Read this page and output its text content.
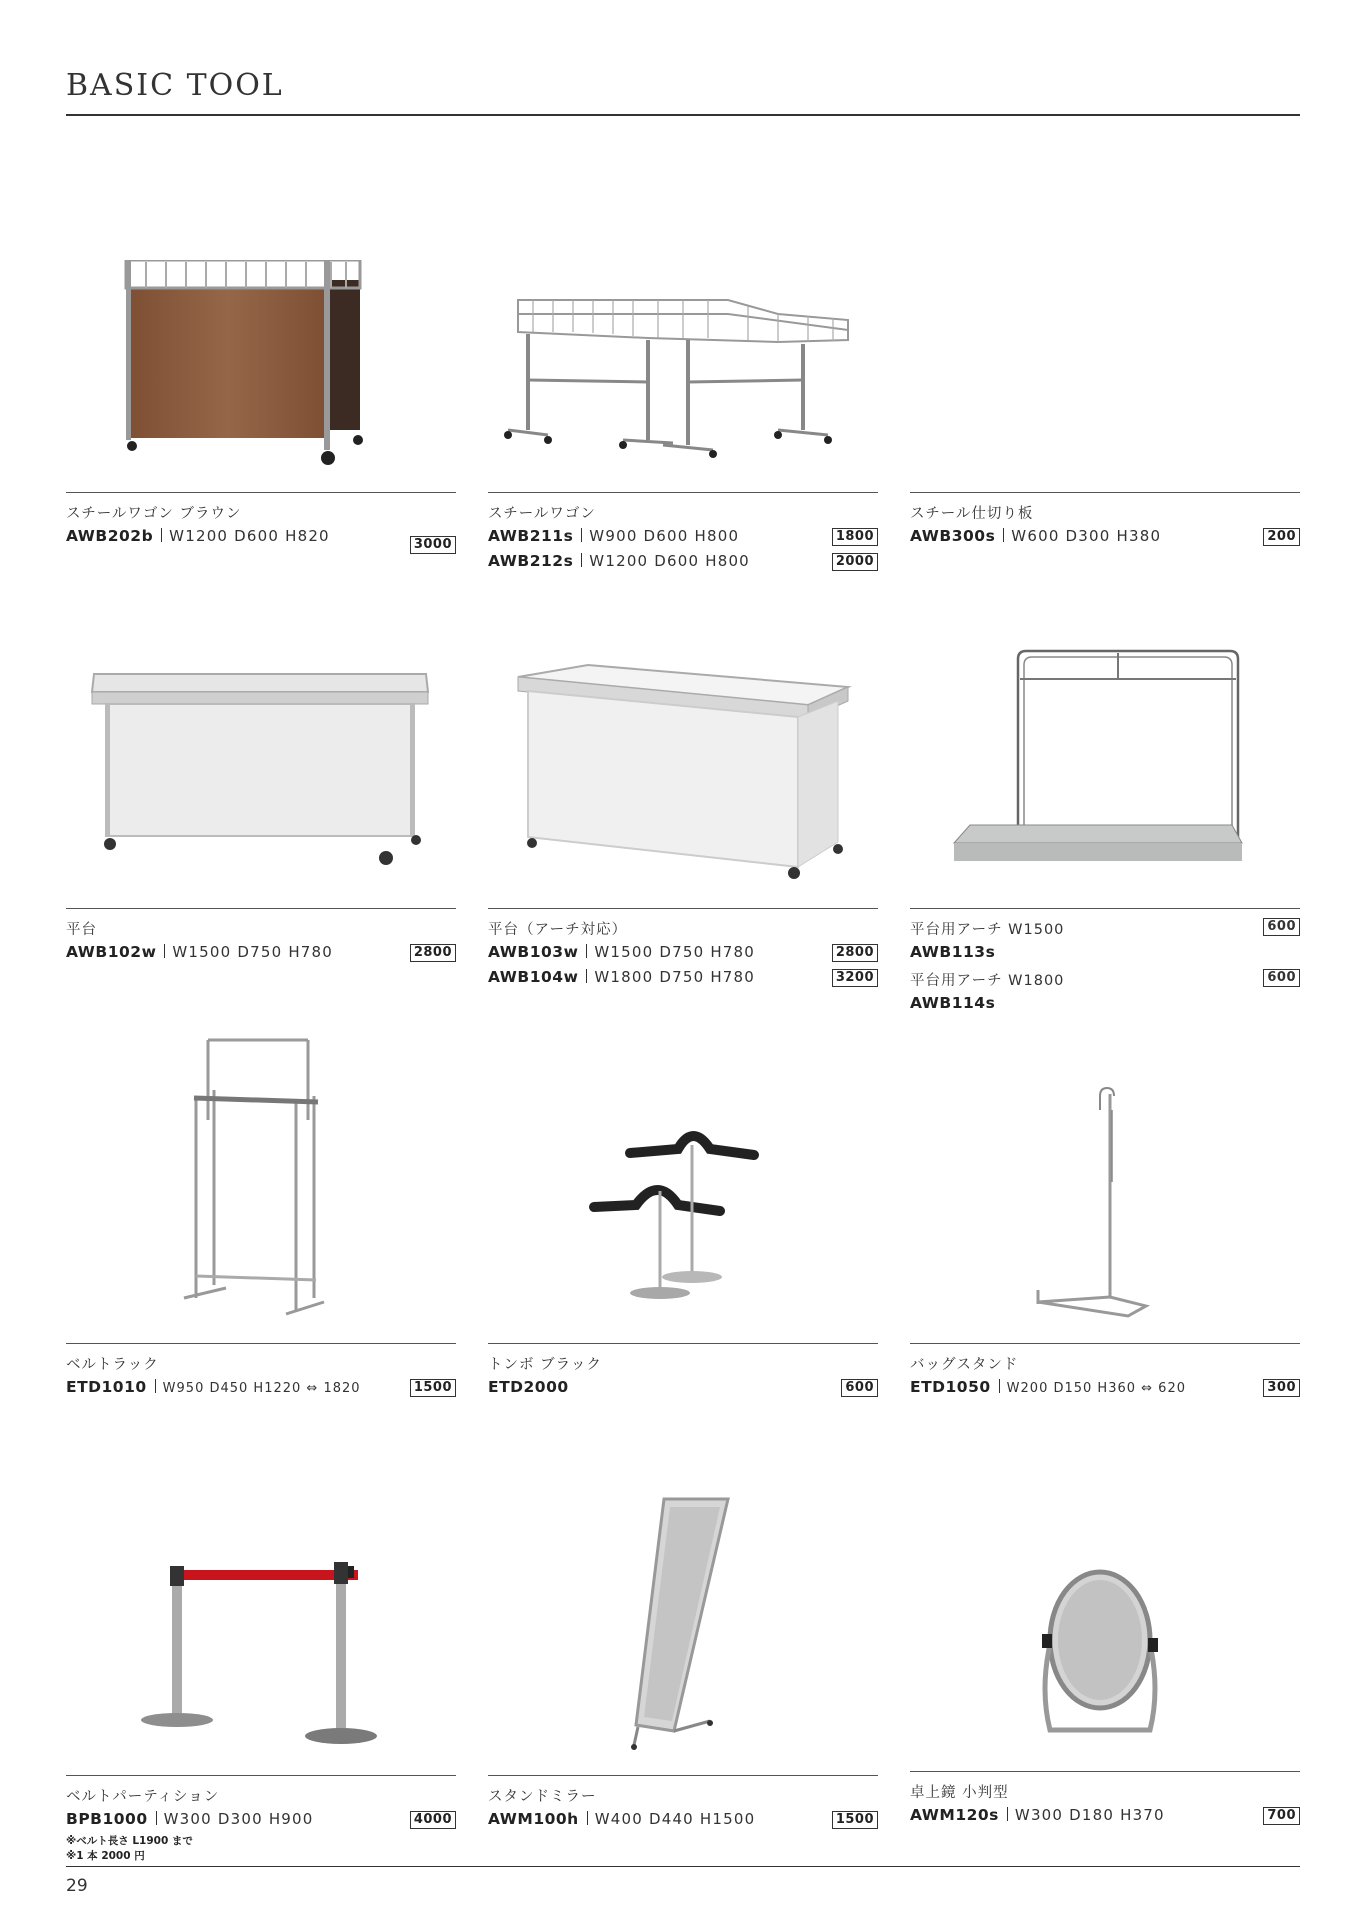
BASIC TOOL
スチールワゴン ブラウン
AWB202b W1200 D600 H820	3000
スチールワゴン
AWB211s W900 D600 H800	1800
AWB212s W1200 D600 H800	2000
スチール仕切り板
AWB300s W600 D300 H380	200
平台
AWB102w W1500 D750 H780	2800
平台（アーチ対応）
AWB103w W1500 D750 H780	2800
AWB104w W1800 D750 H780	3200
平台用アーチ W1500	600
AWB113s
平台用アーチ W1800	600
AWB114s
ベルトラック
ETD1010 W950 D450 H1220 ⇔ 1820	1500
トンボ ブラック
ETD2000	600
バッグスタンド
ETD1050 W200 D150 H360 ⇔ 620	300
ベルトパーティション
BPB1000 W300 D300 H900	4000
※ベルト長さ L1900 まで
※1 本 2000 円
スタンドミラー
AWM100h W400 D440 H1500	1500
卓上鏡 小判型
AWM120s W300 D180 H370	700
29
